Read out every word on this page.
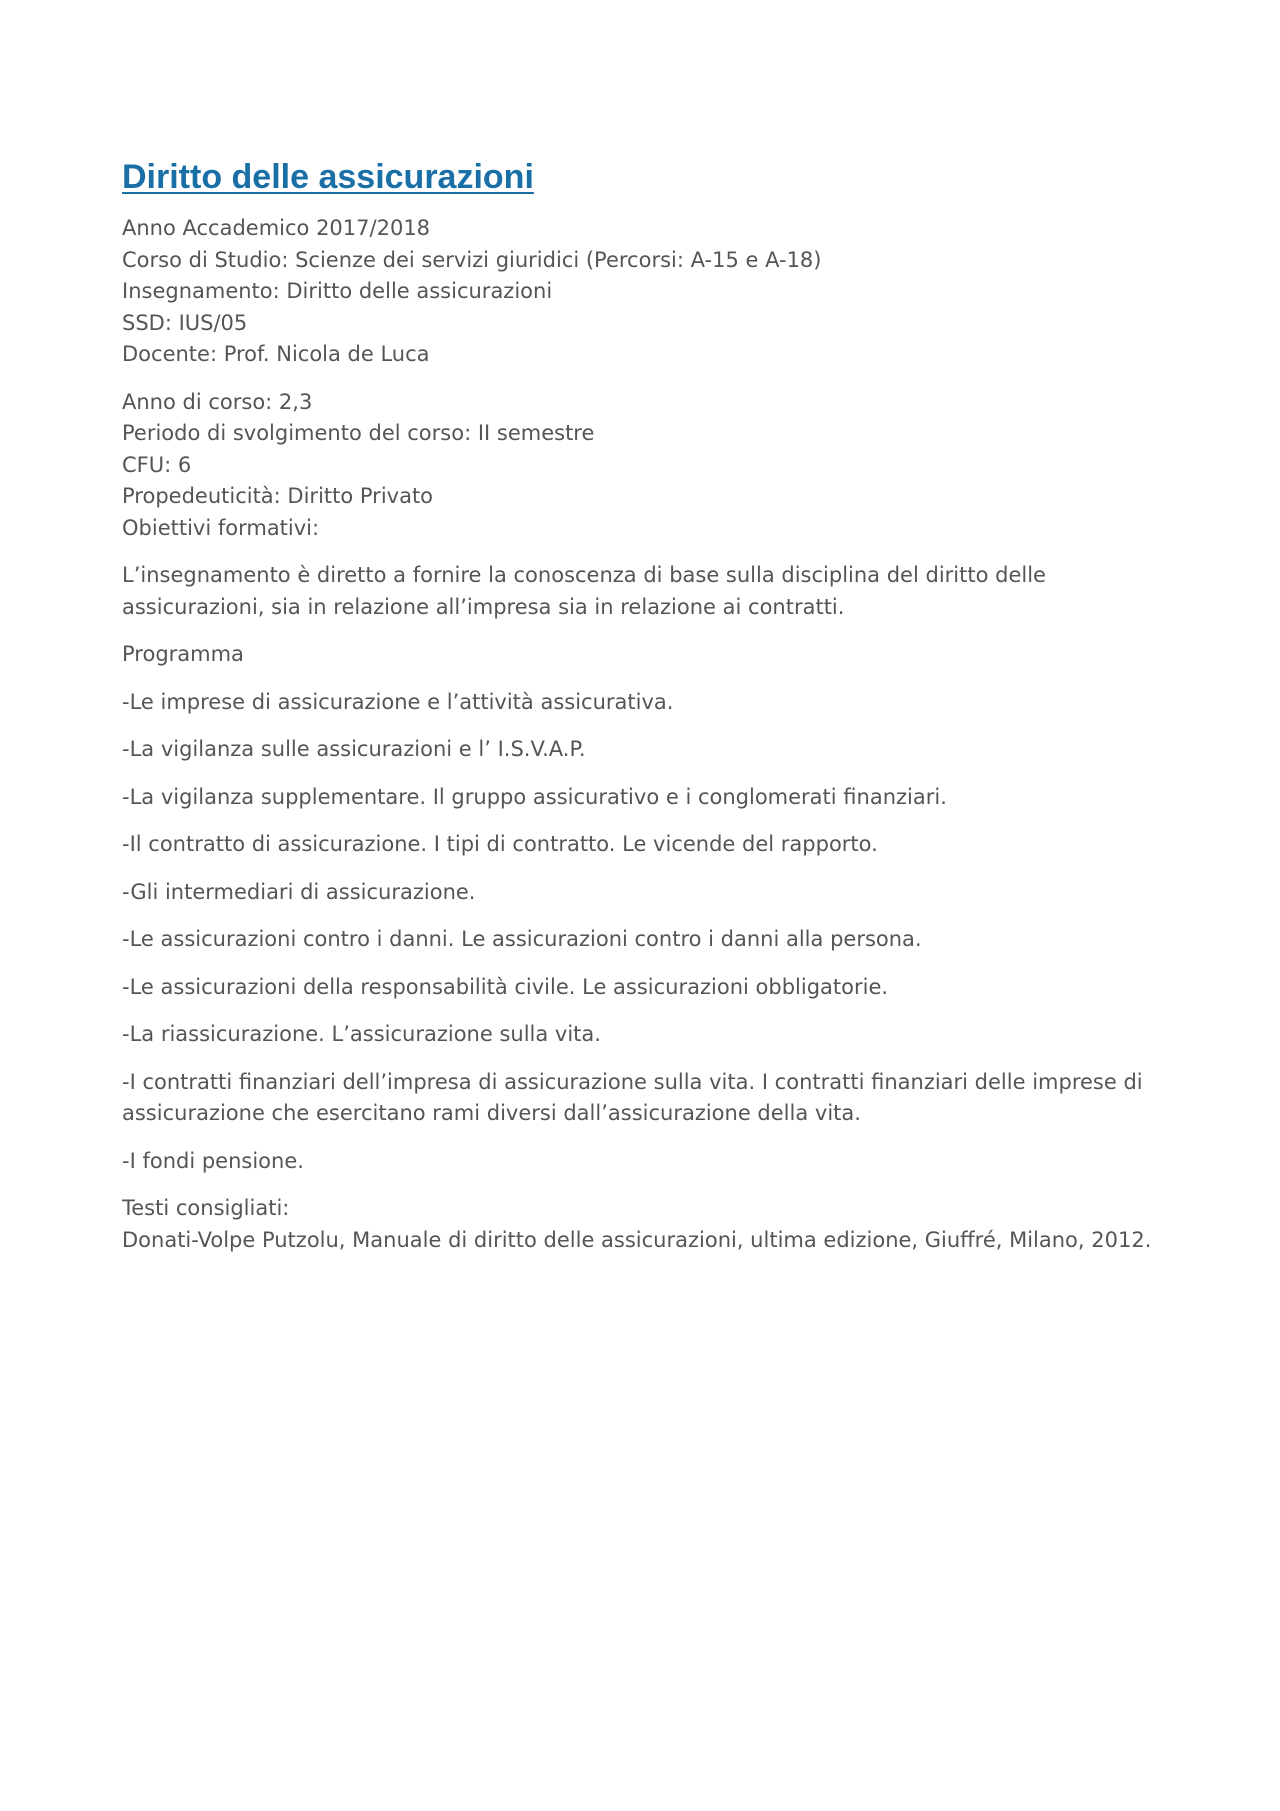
Diritto delle assicurazioni
Anno Accademico 2017/2018
Corso di Studio: Scienze dei servizi giuridici (Percorsi: A-15 e A-18)
Insegnamento: Diritto delle assicurazioni
SSD: IUS/05
Docente: Prof. Nicola de Luca
Anno di corso: 2,3
Periodo di svolgimento del corso: II semestre
CFU: 6
Propedeuticità: Diritto Privato
Obiettivi formativi:

L’insegnamento è diretto a fornire la conoscenza di base sulla disciplina del diritto delle assicurazioni, sia in relazione all’impresa sia in relazione ai contratti.

Programma

-Le imprese di assicurazione e l’attività assicurativa.
-La vigilanza sulle assicurazioni e l’ I.S.V.A.P.
-La vigilanza supplementare. Il gruppo assicurativo e i conglomerati finanziari.
-Il contratto di assicurazione. I tipi di contratto. Le vicende del rapporto.
-Gli intermediari di assicurazione.
-Le assicurazioni contro i danni. Le assicurazioni contro i danni alla persona.
-Le assicurazioni della responsabilità civile. Le assicurazioni obbligatorie.
-La riassicurazione. L’assicurazione sulla vita.
-I contratti finanziari dell’impresa di assicurazione sulla vita. I contratti finanziari delle imprese di assicurazione che esercitano rami diversi dall’assicurazione della vita.
-I fondi pensione.
Testi consigliati:
Donati-Volpe Putzolu, Manuale di diritto delle assicurazioni, ultima edizione, Giuffré, Milano, 2012.
